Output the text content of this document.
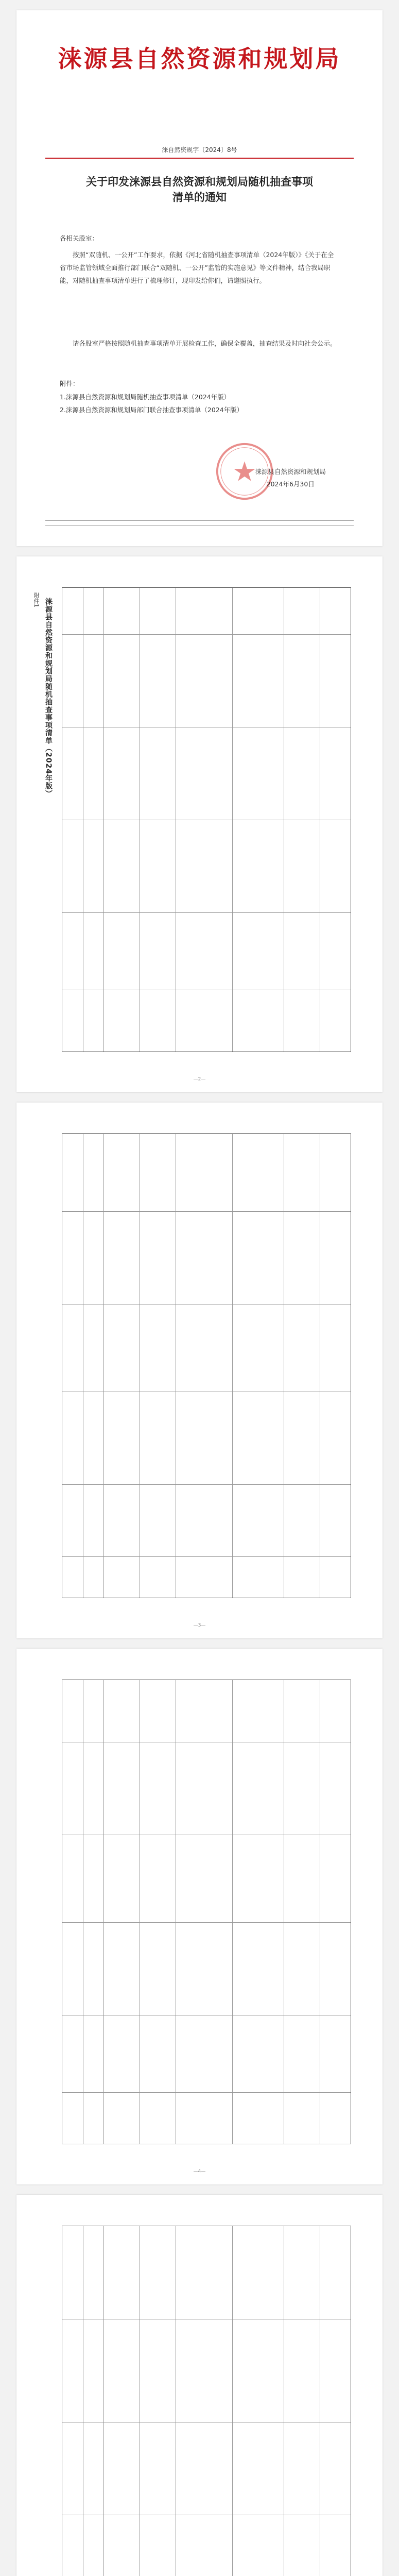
涞源县自然资源和规划局
涞自然资规字〔2024〕8号
关于印发涞源县自然资源和规划局随机抽查事项清单的通知
各相关股室：
按照“双随机、一公开”工作要求，依据《河北省随机抽查事项清单（2024年版）》《关于在全省市场监管领域全面推行部门联合“双随机、一公开”监管的实施意见》等文件精神，结合我局职能，对随机抽查事项清单进行了梳理修订，现印发给你们，请遵照执行。
请各股室严格按照随机抽查事项清单开展检查工作，确保全覆盖，抽查结果及时向社会公示。
附件：
1.涞源县自然资源和规划局随机抽查事项清单（2024年版）
2.涞源县自然资源和规划局部门联合抽查事项清单（2024年版）
涞源县自然资源和规划局
2024年6月30日
附件1 涞源县自然资源和规划局随机抽查事项清单（2024年版）
—2—
—3—
—4—
